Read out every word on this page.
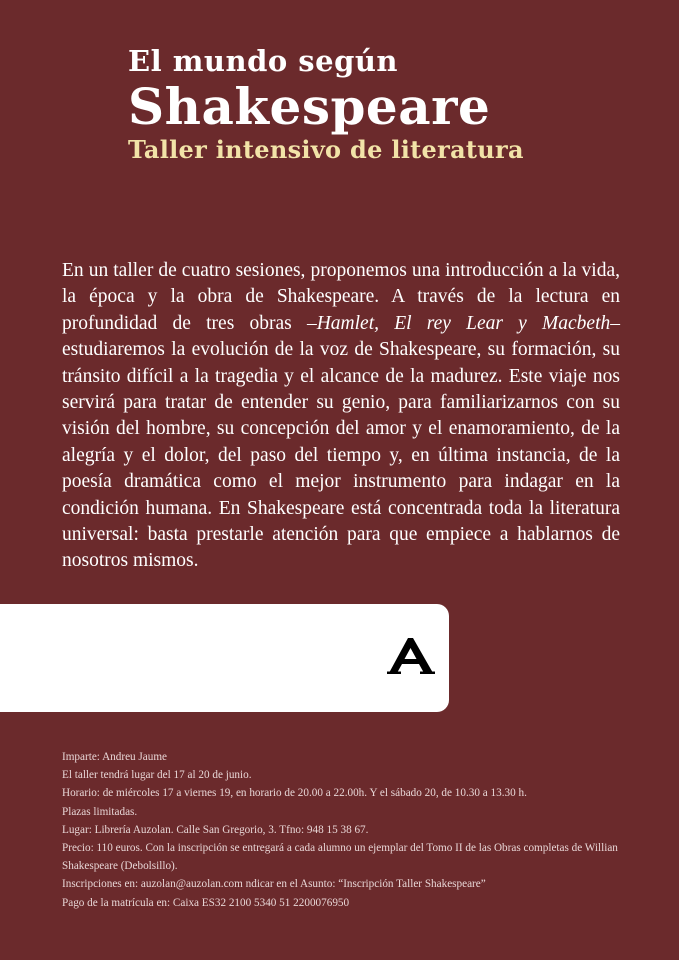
El mundo según

Shakespeare

Taller intensivo de literatura

En un taller de cuatro sesiones, proponemos una introducción a la vida, la época y la obra de Shakespeare. A través de la lectura en profundidad de tres obras –Hamlet, El rey Lear y Macbeth– estudiaremos la evolución de la voz de Shakespeare, su formación, su tránsito difícil a la tragedia y el alcance de la madurez. Este viaje nos servirá para tratar de entender su genio, para familiarizarnos con su visión del hombre, su concepción del amor y el enamoramiento, de la alegría y el dolor, del paso del tiempo y, en última instancia, de la poesía dramática como el mejor instrumento para indagar en la condición humana. En Shakespeare está concentrada toda la literatura universal: basta prestarle atención para que empiece a hablarnos de nosotros mismos.

Imparte: Andreu Jaume

El taller tendrá lugar del 17 al 20 de junio.

Horario: de miércoles 17 a viernes 19, en horario de 20.00 a 22.00h. Y el sábado 20, de 10.30 a 13.30 h.

Plazas limitadas.

Lugar: Librería Auzolan. Calle San Gregorio, 3. Tfno: 948 15 38 67.

Precio: 110 euros. Con la inscripción se entregará a cada alumno un ejemplar del Tomo II de las Obras completas de Willian Shakespeare (Debolsillo).

Inscripciones en: auzolan@auzolan.com ndicar en el Asunto: “Inscripción Taller Shakespeare”

Pago de la matrícula en: Caixa ES32 2100 5340 51 2200076950
